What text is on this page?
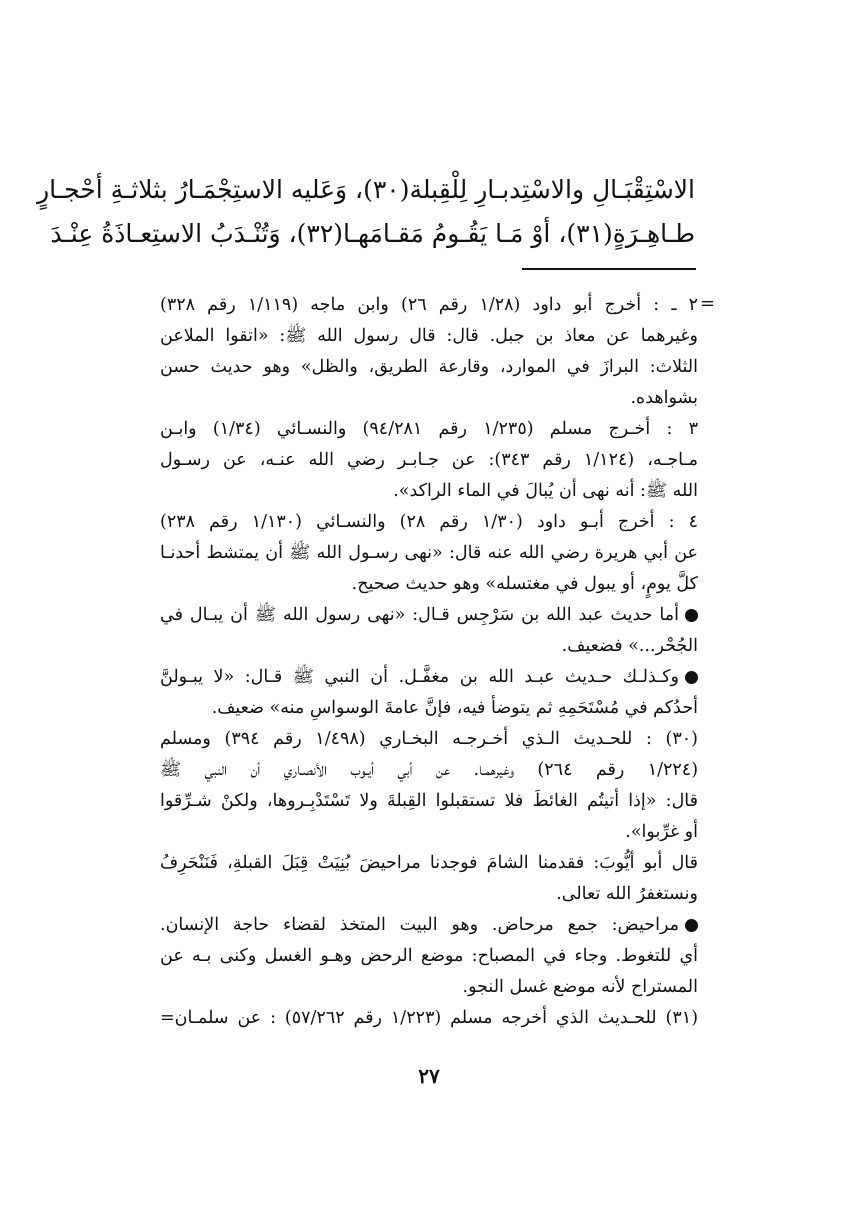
الاسْتِقْبَـالِ والاسْتِدبـارِ لِلْقِبلة(٣٠)، وَعَليه الاستِجْمَـارُ بثلاثـةِ أحْجـارٍ
طـاهِـرَةٍ(٣١)، أوْ مَـا يَقُـومُ مَقـامَهـا(٣٢)، وَتُنْـدَبُ الاستِعـاذَةُ عِنْـدَ

=
٢ ـ : أخرج أبو داود (١/٢٨ رقم ٢٦) وابن ماجه (١/١١٩ رقم ٣٢٨)
وغيرهما عن معاذ بن جبل. قال: قال رسول الله ﷺ: «اتقوا الملاعن
الثلاث: البرازَ في الموارد، وقارعة الطريق، والظل» وهو حديث حسن
بشواهده.
٣ : أخـرج مسلم (١/٢٣٥ رقم ٩٤/٢٨١) والنسـائي (١/٣٤) وابـن
مـاجـه، (١/١٢٤ رقم ٣٤٣): عن جـابـر رضي الله عنـه، عن رسـول
الله ﷺ: أنه نهى أن يُبالَ في الماء الراكد».
٤ : أخرج أبـو داود (١/٣٠ رقم ٢٨) والنسـائي (١/١٣٠ رقم ٢٣٨)
عن أبي هريرة رضي الله عنه قال: «نهى رسـول الله ﷺ أن يمتشط أحدنـا
كلَّ يومٍ، أو يبول في مغتسله» وهو حديث صحيح.
أما حديث عبد الله بن سَرْجِس قـال: «نهى رسول الله ﷺ أن يبـال في
الجُحْر...» فضعيف.
وكـذلـك حـديث عبـد الله بن مغفَّـل. أن النبي ﷺ قـال: «لا يبـولنَّ
أحدُكم في مُسْتَحَمِهِ ثم يتوضأ فيه، فإنَّ عامةَ الوسواسِ منه» ضعيف.
(٣٠) : للحـديث الـذي أخـرجـه البخـاري (١/٤٩٨ رقم ٣٩٤) ومسلم
(١/٢٢٤ رقم ٢٦٤) وغيرهمـا. عن أبي أيـوب الأنصـاري أن النبي ﷺ
قال: «إذا أتيتُم الغائطَ فلا تستقبلوا القِبلةَ ولا تَسْتَدْبِـروها، ولكنْ شـرِّقوا
أو غرِّبوا».
قال أبو أيُّوبَ: فقدمنا الشامَ فوجدنا مراحيضَ بُنِيَتْ قِبَلَ القبلةِ، فَنَنْحَرِفُ
ونستغفرُ الله تعالى.
مراحيض: جمع مرحاض. وهو البيت المتخذ لقضاء حاجة الإنسان.
أي للتغوط. وجاء في المصباح: موضع الرحض وهـو الغسل وكنى بـه عن
المستراح لأنه موضع غسل النجو.
(٣١) للحـديث الذي أخرجه مسلم (١/٢٢٣ رقم ٥٧/٢٦٢) : عن سلمـان=
٢٧
